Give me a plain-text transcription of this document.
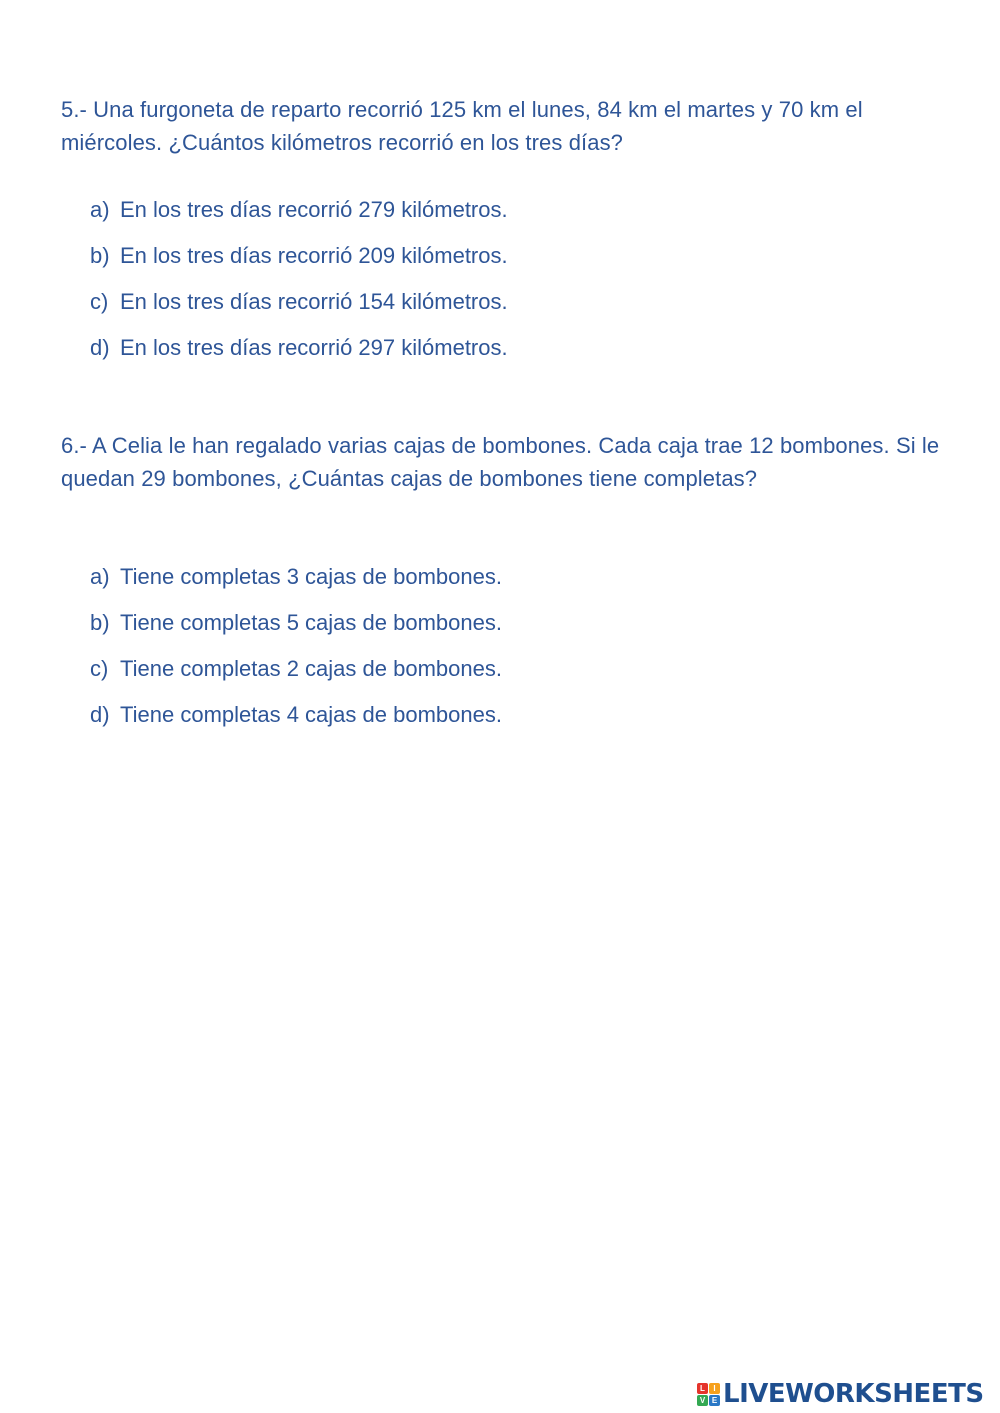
5.- Una furgoneta de reparto recorrió 125 km el lunes, 84 km el martes y 70 km el miércoles. ¿Cuántos kilómetros recorrió en los tres días?
a) En los tres días recorrió 279 kilómetros.
b) En los tres días recorrió 209 kilómetros.
c) En los tres días recorrió 154 kilómetros.
d) En los tres días recorrió 297 kilómetros.
6.- A Celia le han regalado varias cajas de bombones. Cada caja trae 12 bombones. Si le quedan 29 bombones, ¿Cuántas cajas de bombones tiene completas?
a) Tiene completas 3 cajas de bombones.
b) Tiene completas 5 cajas de bombones.
c) Tiene completas 2 cajas de bombones.
d) Tiene completas 4 cajas de bombones.
L	I
V E LIVEWORKSHEETS
